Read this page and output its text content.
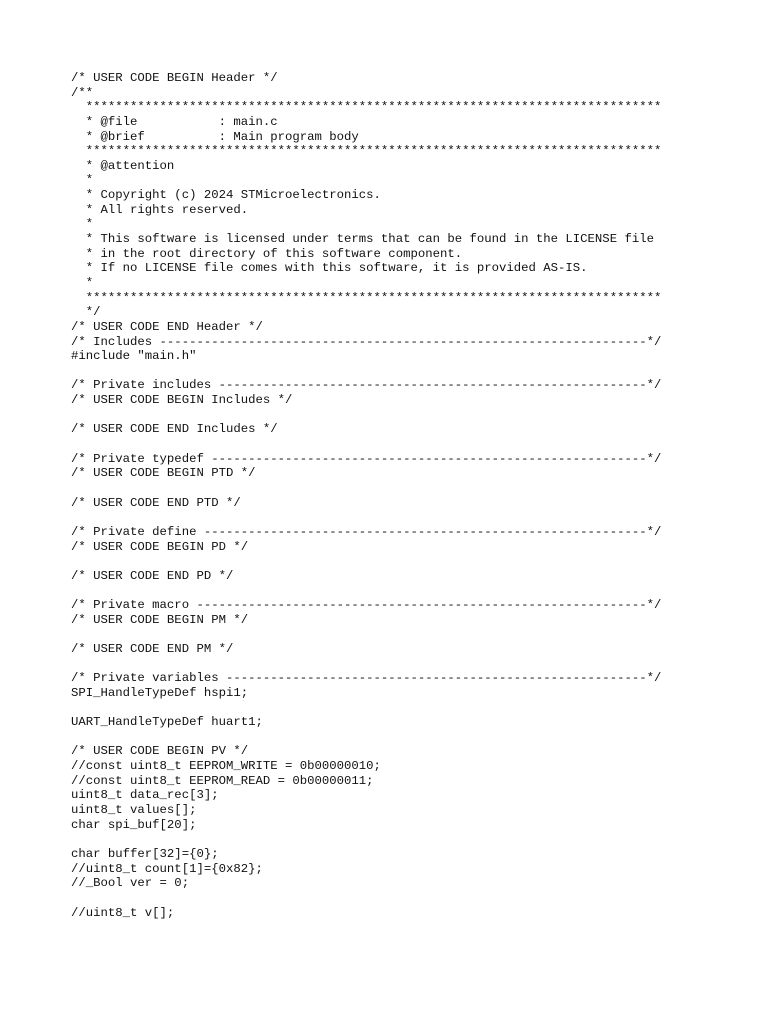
/* USER CODE BEGIN Header */
/**
******************************************************************************
* @file           : main.c
* @brief          : Main program body
******************************************************************************
* @attention
*
* Copyright (c) 2024 STMicroelectronics.
* All rights reserved.
*
* This software is licensed under terms that can be found in the LICENSE file
* in the root directory of this software component.
* If no LICENSE file comes with this software, it is provided AS-IS.
*
******************************************************************************
*/
/* USER CODE END Header */
/* Includes ------------------------------------------------------------------*/
#include "main.h"
/* Private includes ----------------------------------------------------------*/
/* USER CODE BEGIN Includes */
/* USER CODE END Includes */
/* Private typedef -----------------------------------------------------------*/
/* USER CODE BEGIN PTD */
/* USER CODE END PTD */
/* Private define ------------------------------------------------------------*/
/* USER CODE BEGIN PD */
/* USER CODE END PD */
/* Private macro -------------------------------------------------------------*/
/* USER CODE BEGIN PM */
/* USER CODE END PM */
/* Private variables ---------------------------------------------------------*/
SPI_HandleTypeDef hspi1;
UART_HandleTypeDef huart1;
/* USER CODE BEGIN PV */
//const uint8_t EEPROM_WRITE = 0b00000010;
//const uint8_t EEPROM_READ = 0b00000011;
uint8_t data_rec[3];
uint8_t values[];
char spi_buf[20];
char buffer[32]={0};
//uint8_t count[1]={0x82};
//_Bool ver = 0;
//uint8_t v[];
